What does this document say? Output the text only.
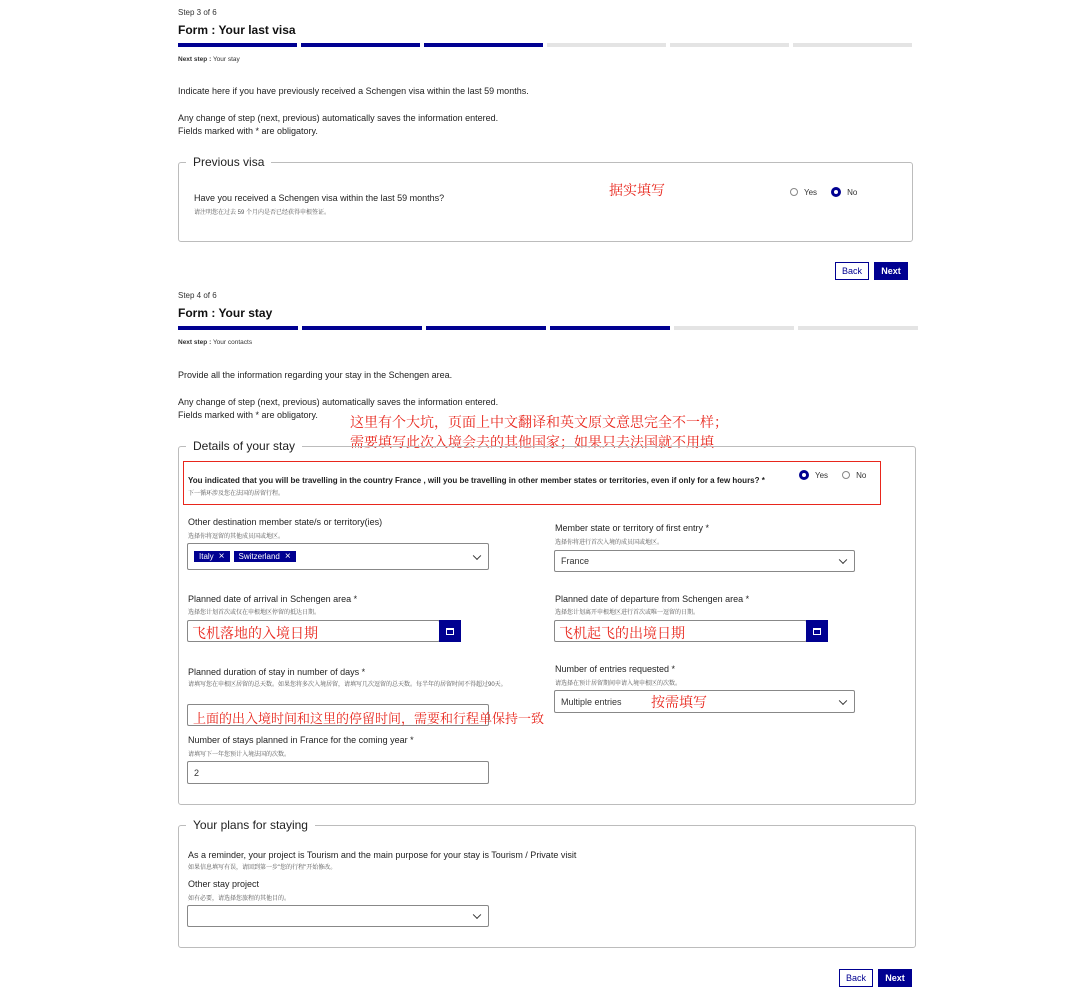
Step 3 of 6
Form : Your last visa
Next step : Your stay
Indicate here if you have previously received a Schengen visa within the last 59 months.
Any change of step (next, previous) automatically saves the information entered.
Fields marked with * are obligatory.
Previous visa
Have you received a Schengen visa within the last 59 months?
请注明您在过去 59 个月内是否已经获得申根签证。
据实填写	Yes	No
Back	Next
Step 4 of 6
Form : Your stay
Next step : Your contacts
Provide all the information regarding your stay in the Schengen area.
Any change of step (next, previous) automatically saves the information entered.
Fields marked with * are obligatory. 这里有个大坑，页面上中文翻译和英文原文意思完全不一样；
需要填写此次入境会去的其他国家；如果只去法国就不用填
Details of your stay
You indicated that you will be travelling in the country France , will you be travelling in other member states or territories, even if only for a few hours? *
下一循环涉及您在法国的居留行程。
Yes	No
Other destination member state/s or territory(ies)
选择你将逗留的其他成员国或地区。
Italy × Switzerland ×
Member state or territory of first entry *
选择你将进行首次入境的成员国或地区。
France
Planned date of arrival in Schengen area *
选择您计划首次或仅在申根地区停留的抵达日期。
飞机落地的入境日期
Planned date of departure from Schengen area *
选择您计划离开申根地区进行首次或唯一逗留的日期。
飞机起飞的出境日期
Planned duration of stay in number of days *
请填写您在申根区居留的总天数。如果您将多次入境居留，请填写几次逗留的总天数。每半年的居留时间不得超过90天。
上面的出入境时间和这里的停留时间，需要和行程单保持一致
Number of entries requested *
请选择在预计居留期间申请入境申根区的次数。
Multiple entries 按需填写
Number of stays planned in France for the coming year *
请填写下一年您预计入境法国的次数。
2
Your plans for staying
As a reminder, your project is Tourism and the main purpose for your stay is Tourism / Private visit
如果信息填写有误，请回到第一步"您的行程"开始修改。
Other stay project
如有必要，请选择您旅程的其他目的。
Back	Next
